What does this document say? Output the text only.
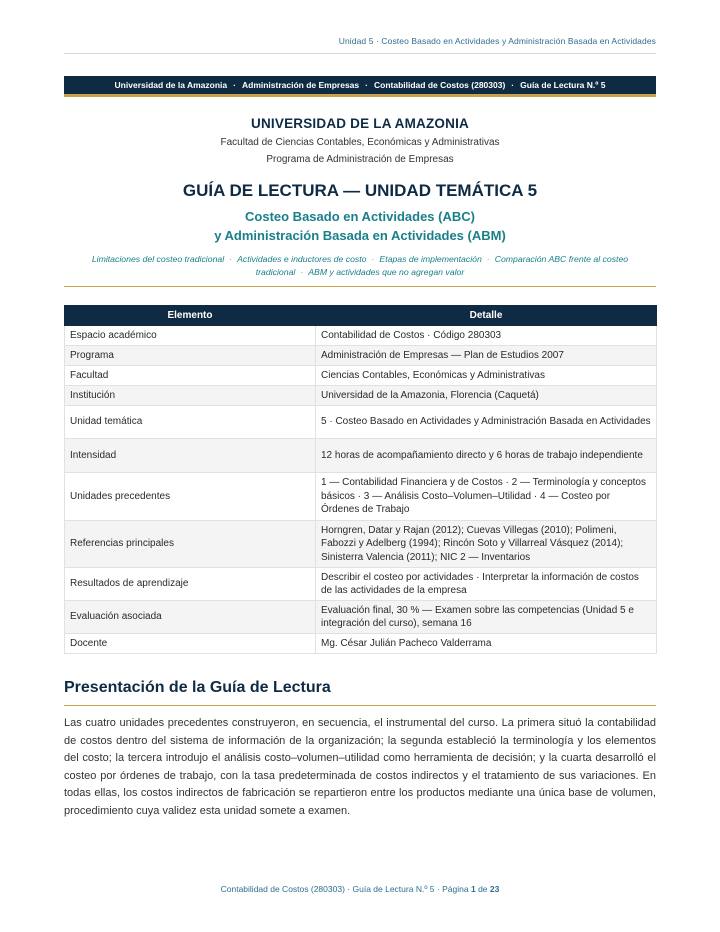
Unidad 5 · Costeo Basado en Actividades y Administración Basada en Actividades
Universidad de la Amazonia · Administración de Empresas · Contabilidad de Costos (280303) · Guía de Lectura N.º 5
UNIVERSIDAD DE LA AMAZONIA
Facultad de Ciencias Contables, Económicas y Administrativas
Programa de Administración de Empresas
GUÍA DE LECTURA — UNIDAD TEMÁTICA 5
Costeo Basado en Actividades (ABC)
y Administración Basada en Actividades (ABM)
Limitaciones del costeo tradicional · Actividades e inductores de costo · Etapas de implementación · Comparación ABC frente al costeo tradicional · ABM y actividades que no agregan valor
Elemento	Detalle
Espacio académico	Contabilidad de Costos · Código 280303
Programa	Administración de Empresas — Plan de Estudios 2007
Facultad	Ciencias Contables, Económicas y Administrativas
Institución	Universidad de la Amazonia, Florencia (Caquetá)
Unidad temática	5 · Costeo Basado en Actividades y Administración Basada en Actividades
Intensidad	12 horas de acompañamiento directo y 6 horas de trabajo independiente
Unidades precedentes	1 — Contabilidad Financiera y de Costos · 2 — Terminología y conceptos básicos · 3 — Análisis Costo–Volumen–Utilidad · 4 — Costeo por Órdenes de Trabajo
Referencias principales	Horngren, Datar y Rajan (2012); Cuevas Villegas (2010); Polimeni, Fabozzi y Adelberg (1994); Rincón Soto y Villarreal Vásquez (2014); Sinisterra Valencia (2011); NIC 2 — Inventarios
Resultados de aprendizaje	Describir el costeo por actividades · Interpretar la información de costos de las actividades de la empresa
Evaluación asociada	Evaluación final, 30 % — Examen sobre las competencias (Unidad 5 e integración del curso), semana 16
Docente	Mg. César Julián Pacheco Valderrama
Presentación de la Guía de Lectura

Las cuatro unidades precedentes construyeron, en secuencia, el instrumental del curso. La primera situó la contabilidad de costos dentro del sistema de información de la organización; la segunda estableció la terminología y los elementos del costo; la tercera introdujo el análisis costo–volumen–utilidad como herramienta de decisión; y la cuarta desarrolló el costeo por órdenes de trabajo, con la tasa predeterminada de costos indirectos y el tratamiento de sus variaciones. En todas ellas, los costos indirectos de fabricación se repartieron entre los productos mediante una única base de volumen, procedimiento cuya validez esta unidad somete a examen.

Contabilidad de Costos (280303) · Guía de Lectura N.º 5 · Página 1 de 23
